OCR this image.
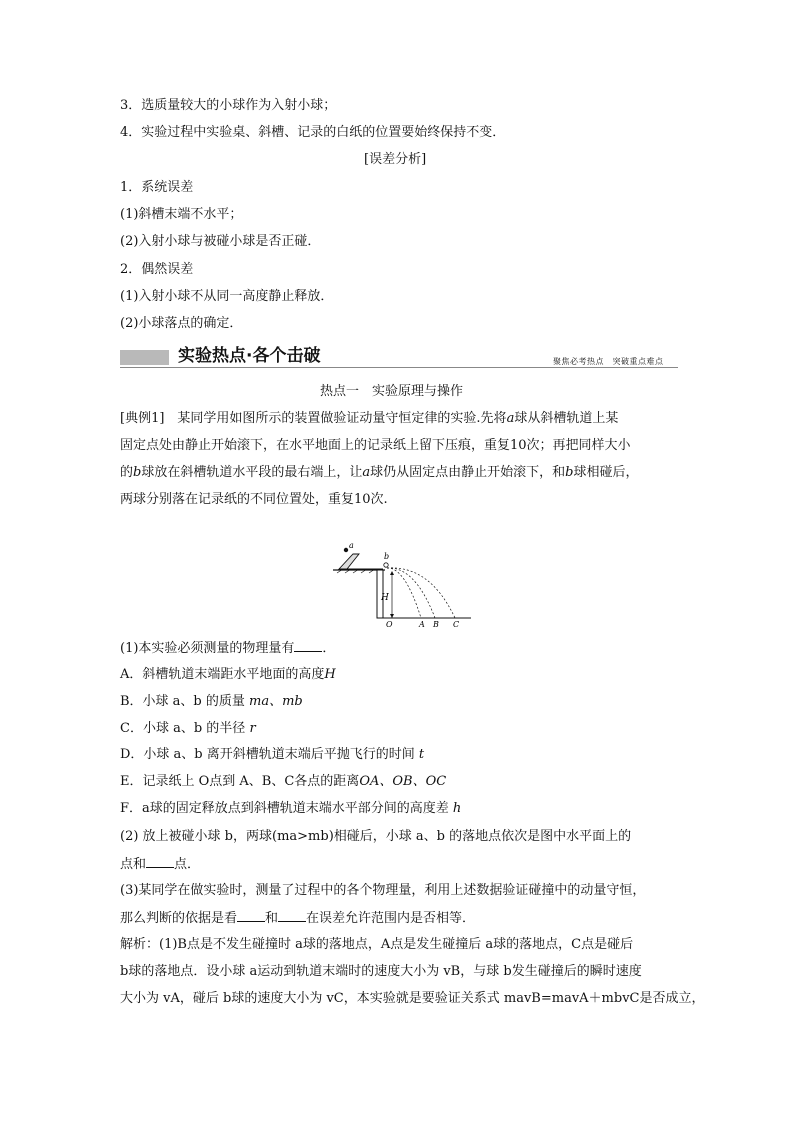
3．选质量较大的小球作为入射小球；
4．实验过程中实验桌、斜槽、记录的白纸的位置要始终保持不变．
[误差分析]
1．系统误差
(1)斜槽末端不水平；
(2)入射小球与被碰小球是否正碰．
2．偶然误差
(1)入射小球不从同一高度静止释放．
(2)小球落点的确定．
实验热点·各个击破	聚焦必考热点　突破重点难点
热点一　实验原理与操作
[典例1]　某同学用如图所示的装置做验证动量守恒定律的实验.先将a球从斜槽轨道上某
固定点处由静止开始滚下，在水平地面上的记录纸上留下压痕，重复10次；再把同样大小
的b球放在斜槽轨道水平段的最右端上，让a球仍从固定点由静止开始滚下，和b球相碰后，
两球分别落在记录纸的不同位置处，重复10次.
a
b
H
O	A B C
(1)本实验必须测量的物理量有 ．
A．斜槽轨道末端距水平地面的高度H
B．小球 a、b 的质量 ma、mb
C．小球 a、b 的半径 r
D．小球 a、b 离开斜槽轨道末端后平抛飞行的时间 t
E．记录纸上 O点到 A、B、C各点的距离OA、OB、OC
F．a球的固定释放点到斜槽轨道末端水平部分间的高度差 h
(2) 放上被碰小球 b，两球(ma>mb)相碰后，小球 a、b 的落地点依次是图中水平面上的
点和 点．
(3)某同学在做实验时，测量了过程中的各个物理量，利用上述数据验证碰撞中的动量守恒，
那么判断的依据是看 和 在误差允许范围内是否相等．
解析：(1)B点是不发生碰撞时 a球的落地点，A点是发生碰撞后 a球的落地点，C点是碰后
b球的落地点．设小球 a运动到轨道末端时的速度大小为 vB，与球 b发生碰撞后的瞬时速度
大小为 vA，碰后 b球的速度大小为 vC，本实验就是要验证关系式 mavB=mavA＋mbvC是否成立，
